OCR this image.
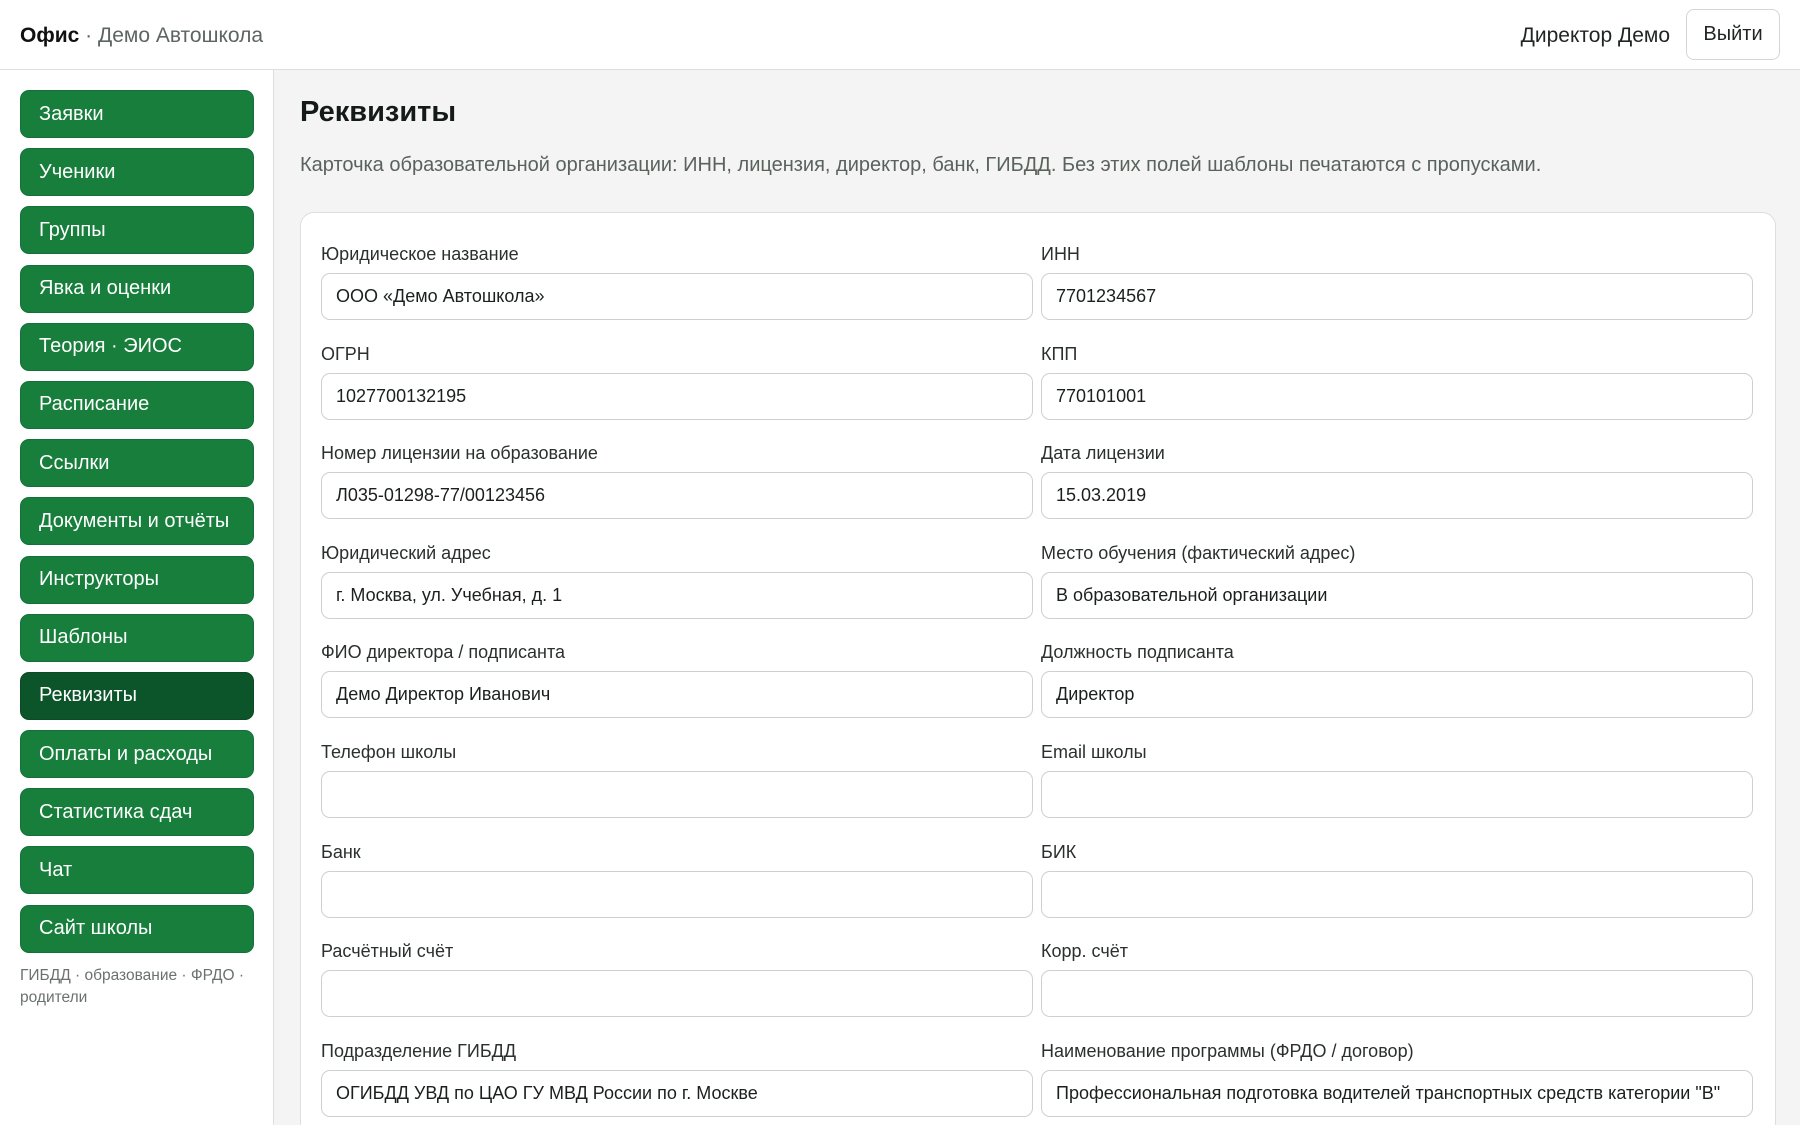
Офис · Демо Автошкола	Директор Демо	Выйти
Заявки
Ученики
Группы
Явка и оценки
Теория · ЭИОС
Расписание
Ссылки
Документы и отчёты
Инструкторы
Шаблоны
Реквизиты
Оплаты и расходы
Статистика сдач
Чат
Сайт школы
ГИБДД · образование · ФРДО · родители
Реквизиты
Карточка образовательной организации: ИНН, лицензия, директор, банк, ГИБДД. Без этих полей шаблоны печатаются с пропусками.
Юридическое название
ООО «Демо Автошкола»
ИНН
7701234567
ОГРН
1027700132195
КПП
770101001
Номер лицензии на образование
Л035-01298-77/00123456
Дата лицензии
15.03.2019
Юридический адрес
г. Москва, ул. Учебная, д. 1
Место обучения (фактический адрес)
В образовательной организации
ФИО директора / подписанта
Демо Директор Иванович
Должность подписанта
Директор
Телефон школы	Email школы
Банк	БИК
Расчётный счёт	Корр. счёт
Подразделение ГИБДД
ОГИБДД УВД по ЦАО ГУ МВД России по г. Москве
Наименование программы (ФРДО / договор)
Профессиональная подготовка водителей транспортных средств категории "B"
